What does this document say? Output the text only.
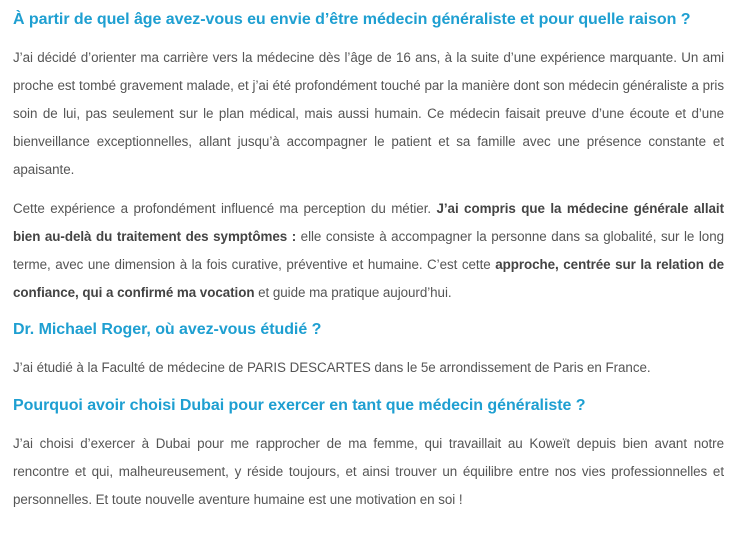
À partir de quel âge avez-vous eu envie d’être médecin généraliste et pour quelle raison ?

J’ai décidé d’orienter ma carrière vers la médecine dès l’âge de 16 ans, à la suite d’une expérience marquante. Un ami proche est tombé gravement malade, et j’ai été profondément touché par la manière dont son médecin généraliste a pris soin de lui, pas seulement sur le plan médical, mais aussi humain. Ce médecin faisait preuve d’une écoute et d’une bienveillance exceptionnelles, allant jusqu’à accompagner le patient et sa famille avec une présence constante et apaisante.

Cette expérience a profondément influencé ma perception du métier. J’ai compris que la médecine générale allait bien au-delà du traitement des symptômes : elle consiste à accompagner la personne dans sa globalité, sur le long terme, avec une dimension à la fois curative, préventive et humaine. C’est cette approche, centrée sur la relation de confiance, qui a confirmé ma vocation et guide ma pratique aujourd’hui.

Dr. Michael Roger, où avez-vous étudié ?

J’ai étudié à la Faculté de médecine de PARIS DESCARTES dans le 5e arrondissement de Paris en France.

Pourquoi avoir choisi Dubai pour exercer en tant que médecin généraliste ?

J’ai choisi d’exercer à Dubai pour me rapprocher de ma femme, qui travaillait au Koweït depuis bien avant notre rencontre et qui, malheureusement, y réside toujours, et ainsi trouver un équilibre entre nos vies professionnelles et personnelles. Et toute nouvelle aventure humaine est une motivation en soi !
